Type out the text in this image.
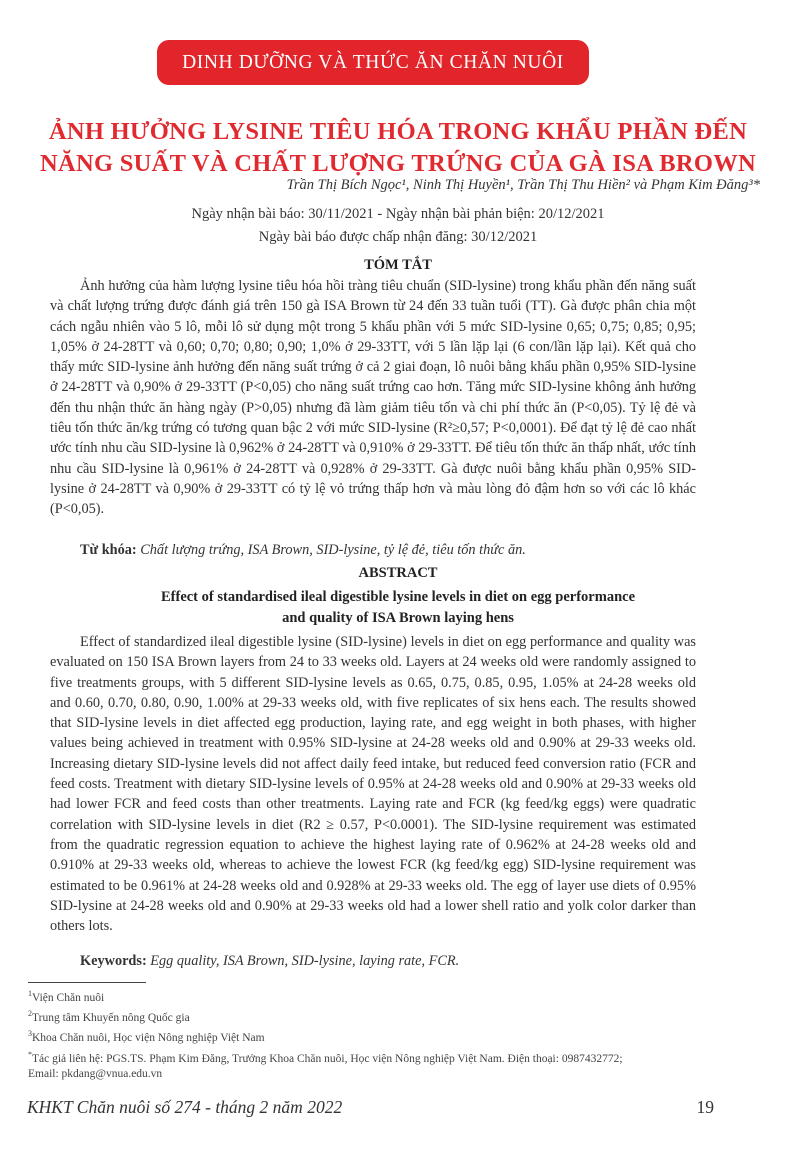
DINH DƯỠNG VÀ THỨC ĂN CHĂN NUÔI
ẢNH HƯỞNG LYSINE TIÊU HÓA TRONG KHẨU PHẦN ĐẾN
NĂNG SUẤT VÀ CHẤT LƯỢNG TRỨNG CỦA GÀ ISA BROWN
Trần Thị Bích Ngọc¹, Ninh Thị Huyền¹, Trần Thị Thu Hiền² và Phạm Kim Đăng³*
Ngày nhận bài báo: 30/11/2021 - Ngày nhận bài phản biện: 20/12/2021
Ngày bài báo được chấp nhận đăng: 30/12/2021
TÓM TẮT

Ảnh hưởng của hàm lượng lysine tiêu hóa hồi tràng tiêu chuẩn (SID-lysine) trong khẩu phần đến năng suất và chất lượng trứng được đánh giá trên 150 gà ISA Brown từ 24 đến 33 tuần tuổi (TT). Gà được phân chia một cách ngẫu nhiên vào 5 lô, mỗi lô sử dụng một trong 5 khẩu phần với 5 mức SID-lysine 0,65; 0,75; 0,85; 0,95; 1,05% ở 24-28TT và 0,60; 0,70; 0,80; 0,90; 1,0% ở 29-33TT, với 5 lần lặp lại (6 con/lần lặp lại). Kết quả cho thấy mức SID-lysine ảnh hưởng đến năng suất trứng ở cả 2 giai đoạn, lô nuôi bằng khẩu phần 0,95% SID-lysine ở 24-28TT và 0,90% ở 29-33TT (P<0,05) cho năng suất trứng cao hơn. Tăng mức SID-lysine không ảnh hưởng đến thu nhận thức ăn hàng ngày (P>0,05) nhưng đã làm giảm tiêu tốn và chi phí thức ăn (P<0,05). Tỷ lệ đẻ và tiêu tốn thức ăn/kg trứng có tương quan bậc 2 với mức SID-lysine (R²≥0,57; P<0,0001). Để đạt tỷ lệ đẻ cao nhất ước tính nhu cầu SID-lysine là 0,962% ở 24-28TT và 0,910% ở 29-33TT. Để tiêu tốn thức ăn thấp nhất, ước tính nhu cầu SID-lysine là 0,961% ở 24-28TT và 0,928% ở 29-33TT. Gà được nuôi bằng khẩu phần 0,95% SID-lysine ở 24-28TT và 0,90% ở 29-33TT có tỷ lệ vỏ trứng thấp hơn và màu lòng đỏ đậm hơn so với các lô khác (P<0,05).

Từ khóa: Chất lượng trứng, ISA Brown, SID-lysine, tỷ lệ đẻ, tiêu tốn thức ăn.
ABSTRACT
Effect of standardised ileal digestible lysine levels in diet on egg performance
and quality of ISA Brown laying hens

Effect of standardized ileal digestible lysine (SID-lysine) levels in diet on egg performance and quality was evaluated on 150 ISA Brown layers from 24 to 33 weeks old. Layers at 24 weeks old were randomly assigned to five treatments groups, with 5 different SID-lysine levels as 0.65, 0.75, 0.85, 0.95, 1.05% at 24-28 weeks old and 0.60, 0.70, 0.80, 0.90, 1.00% at 29-33 weeks old, with five replicates of six hens each. The results showed that SID-lysine levels in diet affected egg production, laying rate, and egg weight in both phases, with higher values being achieved in treatment with 0.95% SID-lysine at 24-28 weeks old and 0.90% at 29-33 weeks old. Increasing dietary SID-lysine levels did not affect daily feed intake, but reduced feed conversion ratio (FCR and feed costs. Treatment with dietary SID-lysine levels of 0.95% at 24-28 weeks old and 0.90% at 29-33 weeks old had lower FCR and feed costs than other treatments. Laying rate and FCR (kg feed/kg eggs) were quadratic correlation with SID-lysine levels in diet (R2 ≥ 0.57, P<0.0001). The SID-lysine requirement was estimated from the quadratic regression equation to achieve the highest laying rate of 0.962% at 24-28 weeks old and 0.910% at 29-33 weeks old, whereas to achieve the lowest FCR (kg feed/kg egg) SID-lysine requirement was estimated to be 0.961% at 24-28 weeks old and 0.928% at 29-33 weeks old. The egg of layer use diets of 0.95% SID-lysine at 24-28 weeks old and 0.90% at 29-33 weeks old had a lower shell ratio and yolk color darker than others lots.

Keywords: Egg quality, ISA Brown, SID-lysine, laying rate, FCR.
$^1$Viện Chăn nuôi
$^2$Trung tâm Khuyến nông Quốc gia
$^3$Khoa Chăn nuôi, Học viện Nông nghiệp Việt Nam
*Tác giả liên hệ: PGS.TS. Phạm Kim Đăng, Trưởng Khoa Chăn nuôi, Học viện Nông nghiệp Việt Nam. Điện thoại: 0987432772;
Email: pkdang@vnua.edu.vn
KHKT Chăn nuôi số 274 - tháng 2 năm 2022	19
